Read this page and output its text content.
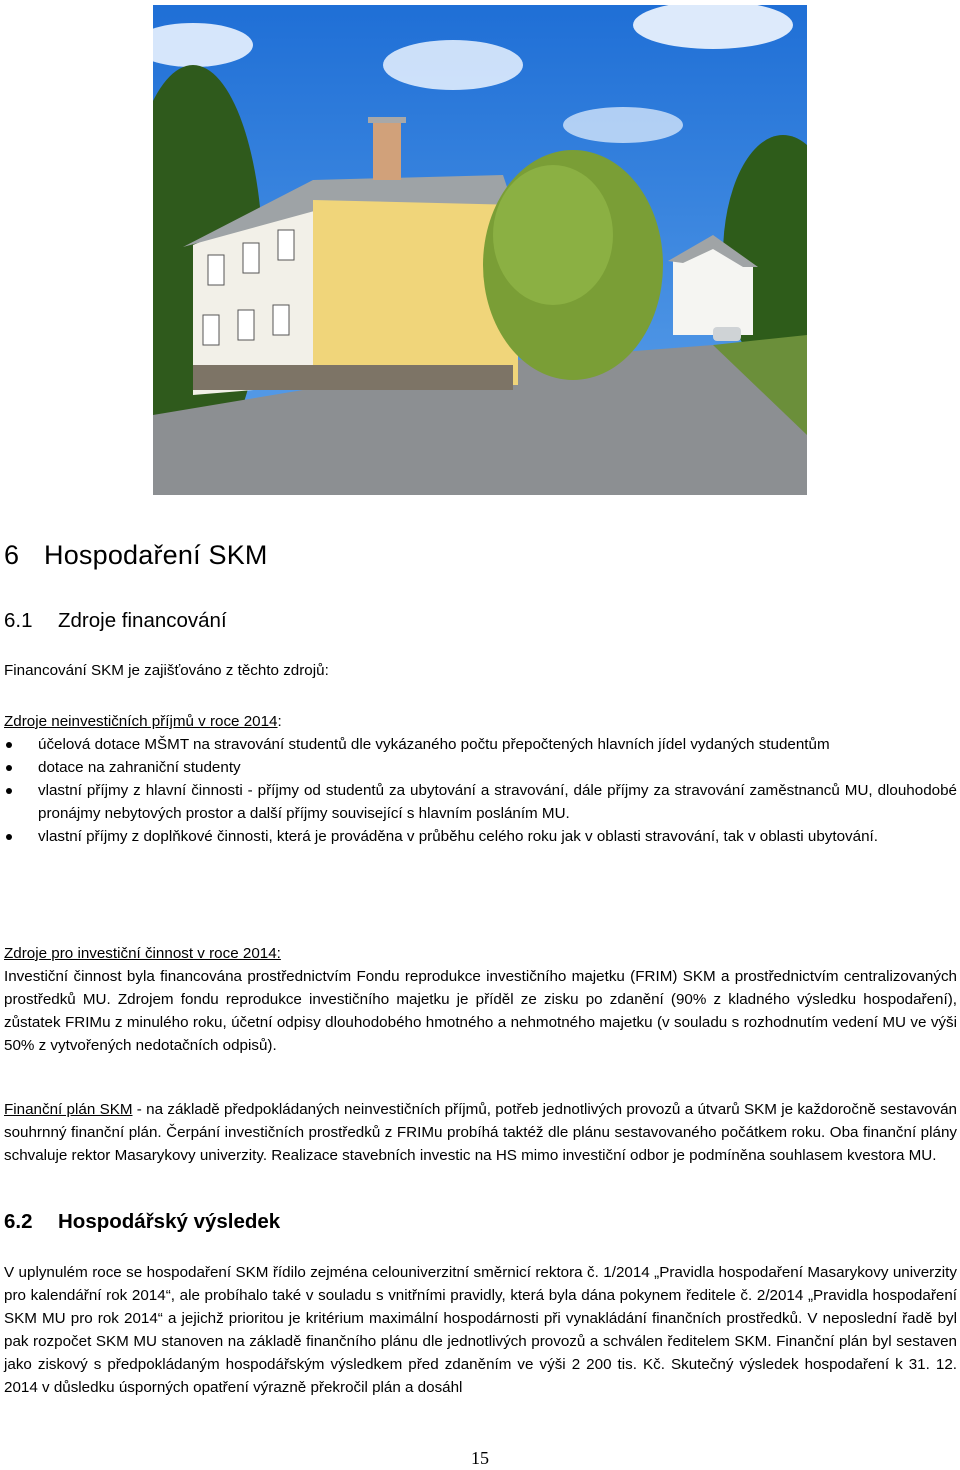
6 Hospodaření SKM
6.1 Zdroje financování

Financování SKM je zajišťováno z těchto zdrojů:

Zdroje neinvestičních příjmů v roce 2014:

účelová dotace MŠMT na stravování studentů dle vykázaného počtu přepočtených hlavních jídel vydaných studentům
dotace na zahraniční studenty
vlastní příjmy z hlavní činnosti - příjmy od studentů za ubytování a stravování, dále příjmy za stravování zaměstnanců MU, dlouhodobé pronájmy nebytových prostor a další příjmy související s hlavním posláním MU.
vlastní příjmy z doplňkové činnosti, která je prováděna v průběhu celého roku jak v oblasti stravování, tak v oblasti ubytování.

Zdroje pro investiční činnost v roce 2014:

Investiční činnost byla financována prostřednictvím Fondu reprodukce investičního majetku (FRIM) SKM a prostřednictvím centralizovaných prostředků MU. Zdrojem fondu reprodukce investičního majetku je příděl ze zisku po zdanění (90% z kladného výsledku hospodaření), zůstatek FRIMu z minulého roku, účetní odpisy dlouhodobého hmotného a nehmotného majetku (v souladu s rozhodnutím vedení MU ve výši 50% z vytvořených nedotačních odpisů).

Finanční plán SKM - na základě předpokládaných neinvestičních příjmů, potřeb jednotlivých provozů a útvarů SKM je každoročně sestavován souhrnný finanční plán. Čerpání investičních prostředků z FRIMu probíhá taktéž dle plánu sestavovaného počátkem roku. Oba finanční plány schvaluje rektor Masarykovy univerzity. Realizace stavebních investic na HS mimo investiční odbor je podmíněna souhlasem kvestora MU.

6.2 Hospodářský výsledek

V uplynulém roce se hospodaření SKM řídilo zejména celouniverzitní směrnicí rektora č. 1/2014 „Pravidla hospodaření Masarykovy univerzity pro kalendářní rok 2014“, ale probíhalo také v souladu s vnitřními pravidly, která byla dána pokynem ředitele č. 2/2014 „Pravidla hospodaření SKM MU pro rok 2014“ a jejichž prioritou je kritérium maximální hospodárnosti při vynakládání finančních prostředků. V neposlední řadě byl pak rozpočet SKM MU stanoven na základě finančního plánu dle jednotlivých provozů a schválen ředitelem SKM. Finanční plán byl sestaven jako ziskový s předpokládaným hospodářským výsledkem před zdaněním ve výši 2 200 tis. Kč. Skutečný výsledek hospodaření k 31. 12. 2014 v důsledku úsporných opatření výrazně překročil plán a dosáhl

15
